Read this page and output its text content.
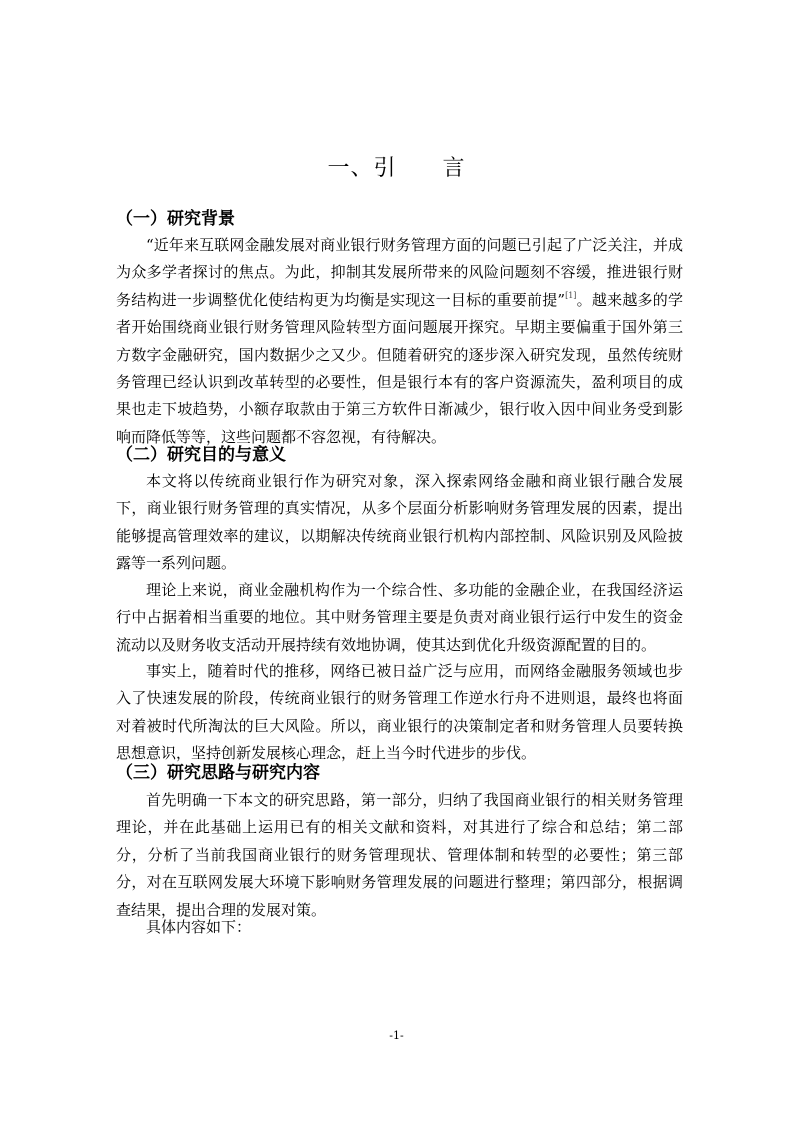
一、引　　言
（一）研究背景

“近年来互联网金融发展对商业银行财务管理方面的问题已引起了广泛关注，并成为众多学者探讨的焦点。为此，抑制其发展所带来的风险问题刻不容缓，推进银行财务结构进一步调整优化使结构更为均衡是实现这一目标的重要前提”[1]。越来越多的学者开始围绕商业银行财务管理风险转型方面问题展开探究。早期主要偏重于国外第三方数字金融研究，国内数据少之又少。但随着研究的逐步深入研究发现，虽然传统财务管理已经认识到改革转型的必要性，但是银行本有的客户资源流失，盈利项目的成果也走下坡趋势，小额存取款由于第三方软件日渐减少，银行收入因中间业务受到影响而降低等等，这些问题都不容忽视，有待解决。

（二）研究目的与意义

本文将以传统商业银行作为研究对象，深入探索网络金融和商业银行融合发展下，商业银行财务管理的真实情况，从多个层面分析影响财务管理发展的因素，提出能够提高管理效率的建议，以期解决传统商业银行机构内部控制、风险识别及风险披露等一系列问题。

理论上来说，商业金融机构作为一个综合性、多功能的金融企业，在我国经济运行中占据着相当重要的地位。其中财务管理主要是负责对商业银行运行中发生的资金流动以及财务收支活动开展持续有效地协调，使其达到优化升级资源配置的目的。

事实上，随着时代的推移，网络已被日益广泛与应用，而网络金融服务领域也步入了快速发展的阶段，传统商业银行的财务管理工作逆水行舟不进则退，最终也将面对着被时代所淘汰的巨大风险。所以，商业银行的决策制定者和财务管理人员要转换思想意识，坚持创新发展核心理念，赶上当今时代进步的步伐。

（三）研究思路与研究内容

首先明确一下本文的研究思路，第一部分，归纳了我国商业银行的相关财务管理理论，并在此基础上运用已有的相关文献和资料，对其进行了综合和总结；第二部分，分析了当前我国商业银行的财务管理现状、管理体制和转型的必要性；第三部分，对在互联网发展大环境下影响财务管理发展的问题进行整理；第四部分，根据调查结果，提出合理的发展对策。

具体内容如下：

-1-
